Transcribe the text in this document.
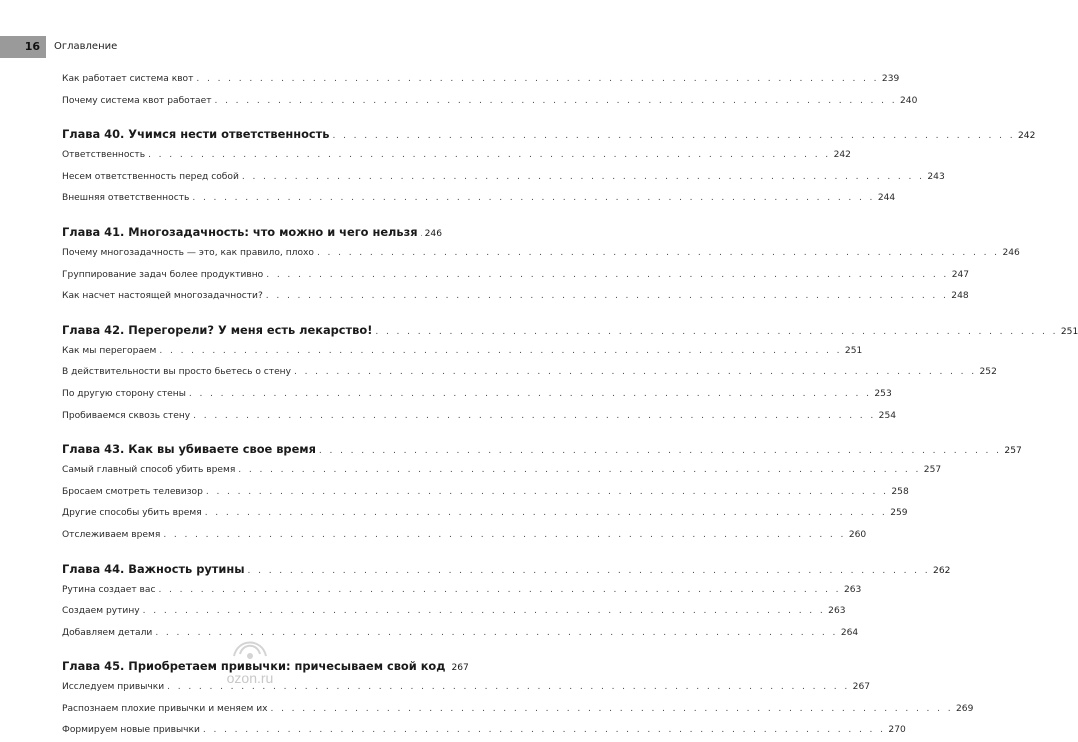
16	Оглавление
Как работает система квот . . . . . . . . . . . . . . . . . . . . . . . . . . . . . . . . . . . . . . . . . . . . . . . . . . . . . . . . . . . . . . . . . 239
Почему система квот работает . . . . . . . . . . . . . . . . . . . . . . . . . . . . . . . . . . . . . . . . . . . . . . . . . . . . . . . . . . . . . . . . . 240
Глава 40. Учимся нести ответственность . . . . . . . . . . . . . . . . . . . . . . . . . . . . . . . . . . . . . . . . . . . . . . . . . . . . . . . . . . . . . . . . . 242
Ответственность . . . . . . . . . . . . . . . . . . . . . . . . . . . . . . . . . . . . . . . . . . . . . . . . . . . . . . . . . . . . . . . . . 242
Несем ответственность перед собой . . . . . . . . . . . . . . . . . . . . . . . . . . . . . . . . . . . . . . . . . . . . . . . . . . . . . . . . . . . . . . . . . 243
Внешняя ответственность . . . . . . . . . . . . . . . . . . . . . . . . . . . . . . . . . . . . . . . . . . . . . . . . . . . . . . . . . . . . . . . . . 244
Глава 41. Многозадачность: что можно и чего нельзя 246
Почему многозадачность — это, как правило, плохо . . . . . . . . . . . . . . . . . . . . . . . . . . . . . . . . . . . . . . . . . . . . . . . . . . . . . . . . . . . . . . . . . 246
Группирование задач более продуктивно . . . . . . . . . . . . . . . . . . . . . . . . . . . . . . . . . . . . . . . . . . . . . . . . . . . . . . . . . . . . . . . . . 247
Как насчет настоящей многозадачности? . . . . . . . . . . . . . . . . . . . . . . . . . . . . . . . . . . . . . . . . . . . . . . . . . . . . . . . . . . . . . . . . . 248
Глава 42. Перегорели? У меня есть лекарство! . . . . . . . . . . . . . . . . . . . . . . . . . . . . . . . . . . . . . . . . . . . . . . . . . . . . . . . . . . . . . . . . . 251
Как мы перегораем . . . . . . . . . . . . . . . . . . . . . . . . . . . . . . . . . . . . . . . . . . . . . . . . . . . . . . . . . . . . . . . . . 251
В действительности вы просто бьетесь о стену . . . . . . . . . . . . . . . . . . . . . . . . . . . . . . . . . . . . . . . . . . . . . . . . . . . . . . . . . . . . . . . . . 252
По другую сторону стены . . . . . . . . . . . . . . . . . . . . . . . . . . . . . . . . . . . . . . . . . . . . . . . . . . . . . . . . . . . . . . . . . 253
Пробиваемся сквозь стену . . . . . . . . . . . . . . . . . . . . . . . . . . . . . . . . . . . . . . . . . . . . . . . . . . . . . . . . . . . . . . . . . 254
Глава 43. Как вы убиваете свое время . . . . . . . . . . . . . . . . . . . . . . . . . . . . . . . . . . . . . . . . . . . . . . . . . . . . . . . . . . . . . . . . . 257
Самый главный способ убить время . . . . . . . . . . . . . . . . . . . . . . . . . . . . . . . . . . . . . . . . . . . . . . . . . . . . . . . . . . . . . . . . . 257
Бросаем смотреть телевизор . . . . . . . . . . . . . . . . . . . . . . . . . . . . . . . . . . . . . . . . . . . . . . . . . . . . . . . . . . . . . . . . . 258
Другие способы убить время . . . . . . . . . . . . . . . . . . . . . . . . . . . . . . . . . . . . . . . . . . . . . . . . . . . . . . . . . . . . . . . . . 259
Отслеживаем время . . . . . . . . . . . . . . . . . . . . . . . . . . . . . . . . . . . . . . . . . . . . . . . . . . . . . . . . . . . . . . . . . 260
Глава 44. Важность рутины . . . . . . . . . . . . . . . . . . . . . . . . . . . . . . . . . . . . . . . . . . . . . . . . . . . . . . . . . . . . . . . . . 262
Рутина создает вас . . . . . . . . . . . . . . . . . . . . . . . . . . . . . . . . . . . . . . . . . . . . . . . . . . . . . . . . . . . . . . . . . 263
Создаем рутину . . . . . . . . . . . . . . . . . . . . . . . . . . . . . . . . . . . . . . . . . . . . . . . . . . . . . . . . . . . . . . . . . 263
Добавляем детали . . . . . . . . . . . . . . . . . . . . . . . . . . . . . . . . . . . . . . . . . . . . . . . . . . . . . . . . . . . . . . . . . 264
Глава 45. Приобретаем привычки: причесываем свой код 267
Исследуем привычки . . . . . . . . . . . . . . . . . . . . . . . . . . . . . . . . . . . . . . . . . . . . . . . . . . . . . . . . . . . . . . . . . 267
Распознаем плохие привычки и меняем их . . . . . . . . . . . . . . . . . . . . . . . . . . . . . . . . . . . . . . . . . . . . . . . . . . . . . . . . . . . . . . . . . 269
Формируем новые привычки . . . . . . . . . . . . . . . . . . . . . . . . . . . . . . . . . . . . . . . . . . . . . . . . . . . . . . . . . . . . . . . . . 270
ozon.ru
